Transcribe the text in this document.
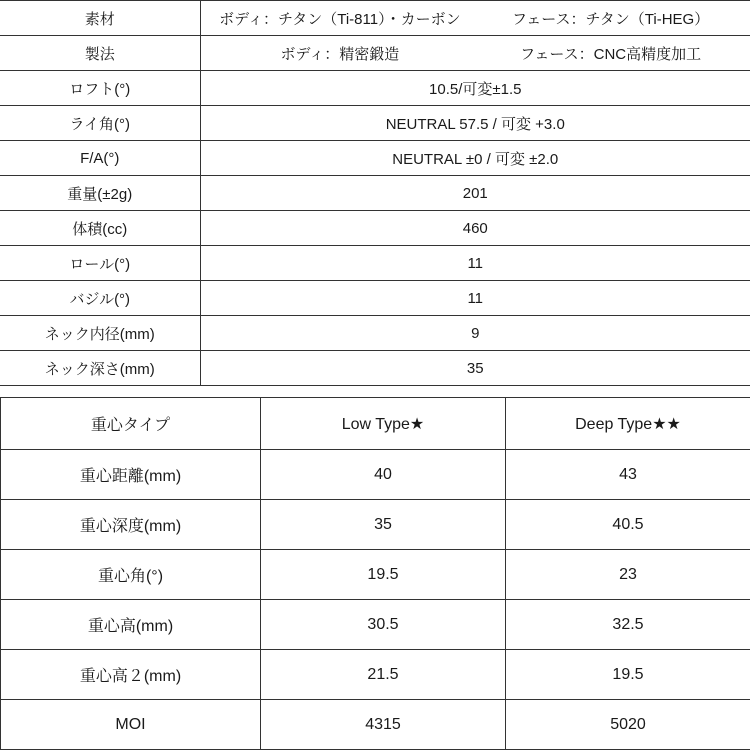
素材	ボディ：チタン（Ti-811）・カーボン フェース：チタン（Ti-HEG）

製法	ボディ：精密鍛造 フェース：CNC高精度加工

ロフト(°)	10.5/可変±1.5
ライ角(°)	NEUTRAL 57.5 / 可変 +3.0
F/A(°)	NEUTRAL ±0 / 可変 ±2.0
重量(±2g)	201
体積(cc)	460
ロール(°)	11
バジル(°)	11
ネック内径(mm)	9
ネック深さ(mm)	35
重心タイプ	Low Type★	Deep Type★★
重心距離(mm)	40	43
重心深度(mm)	35	40.5
重心角(°)	19.5	23
重心高(mm)	30.5	32.5
重心高２(mm)	21.5	19.5
MOI	4315	5020
